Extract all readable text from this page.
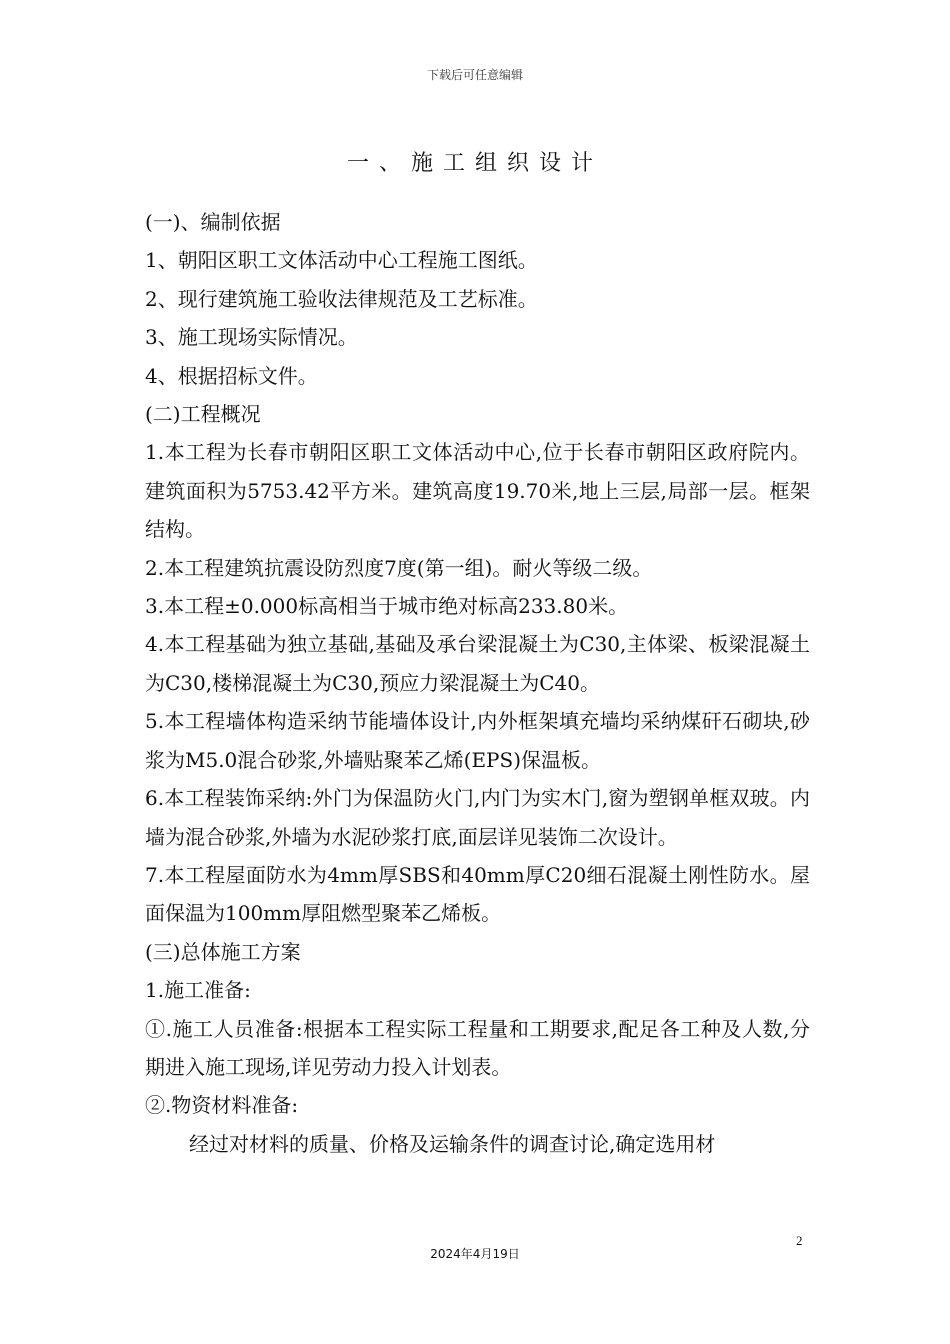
下载后可任意编辑
一、施工组织设计

(一)、编制依据

1、朝阳区职工文体活动中心工程施工图纸。

2、现行建筑施工验收法律规范及工艺标准。

3、施工现场实际情况。

4、根据招标文件。

(二)工程概况

1.本工程为长春市朝阳区职工文体活动中心,位于长春市朝阳区政府院内。建筑面积为5753.42平方米。建筑高度19.70米,地上三层,局部一层。框架结构。

2.本工程建筑抗震设防烈度7度(第一组)。耐火等级二级。

3.本工程±0.000标高相当于城市绝对标高233.80米。

4.本工程基础为独立基础,基础及承台梁混凝土为C30,主体梁、板梁混凝土为C30,楼梯混凝土为C30,预应力梁混凝土为C40。

5.本工程墙体构造采纳节能墙体设计,内外框架填充墙均采纳煤矸石砌块,砂浆为M5.0混合砂浆,外墙贴聚苯乙烯(EPS)保温板。

6.本工程装饰采纳:外门为保温防火门,内门为实木门,窗为塑钢单框双玻。内墙为混合砂浆,外墙为水泥砂浆打底,面层详见装饰二次设计。

7.本工程屋面防水为4mm厚SBS和40mm厚C20细石混凝土刚性防水。屋面保温为100mm厚阻燃型聚苯乙烯板。

(三)总体施工方案

1.施工准备:

①.施工人员准备:根据本工程实际工程量和工期要求,配足各工种及人数,分期进入施工现场,详见劳动力投入计划表。

②.物资材料准备:

经过对材料的质量、价格及运输条件的调查讨论,确定选用材

2
2024年4月19日
